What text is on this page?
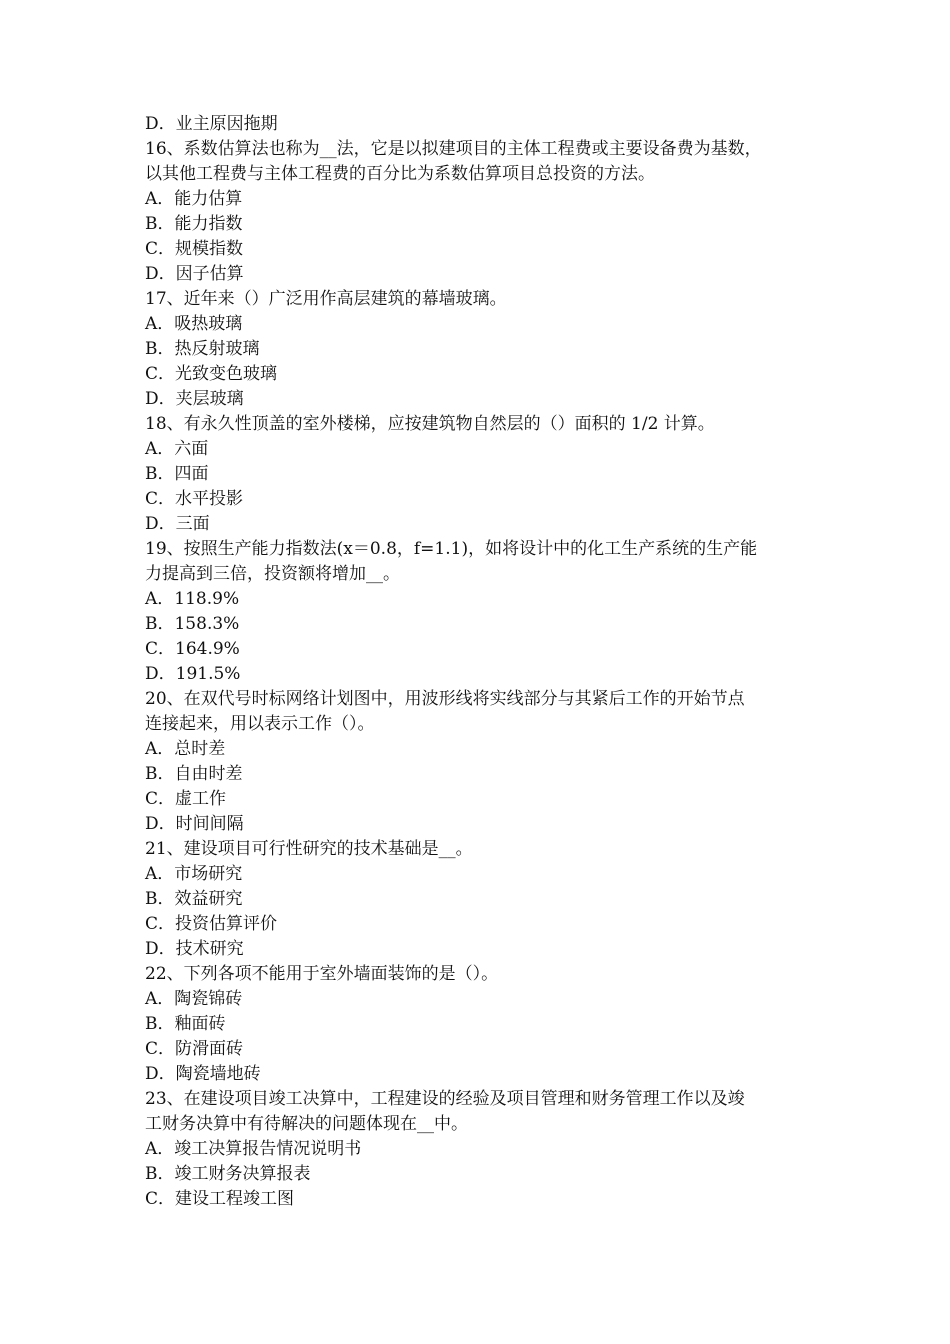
D．业主原因拖期
16、系数估算法也称为__法，它是以拟建项目的主体工程费或主要设备费为基数，
以其他工程费与主体工程费的百分比为系数估算项目总投资的方法。
A．能力估算
B．能力指数
C．规模指数
D．因子估算
17、近年来（）广泛用作高层建筑的幕墙玻璃。
A．吸热玻璃
B．热反射玻璃
C．光致变色玻璃
D．夹层玻璃
18、有永久性顶盖的室外楼梯，应按建筑物自然层的（）面积的 1/2 计算。
A．六面
B．四面
C．水平投影
D．三面
19、按照生产能力指数法(x＝0.8，f=1.1)，如将设计中的化工生产系统的生产能
力提高到三倍，投资额将增加__。
A．118.9%
B．158.3%
C．164.9%
D．191.5%
20、在双代号时标网络计划图中，用波形线将实线部分与其紧后工作的开始节点
连接起来，用以表示工作（）。
A．总时差
B．自由时差
C．虚工作
D．时间间隔
21、建设项目可行性研究的技术基础是__。
A．市场研究
B．效益研究
C．投资估算评价
D．技术研究
22、下列各项不能用于室外墙面装饰的是（）。
A．陶瓷锦砖
B．釉面砖
C．防滑面砖
D．陶瓷墙地砖
23、在建设项目竣工决算中，工程建设的经验及项目管理和财务管理工作以及竣
工财务决算中有待解决的问题体现在__中。
A．竣工决算报告情况说明书
B．竣工财务决算报表
C．建设工程竣工图
